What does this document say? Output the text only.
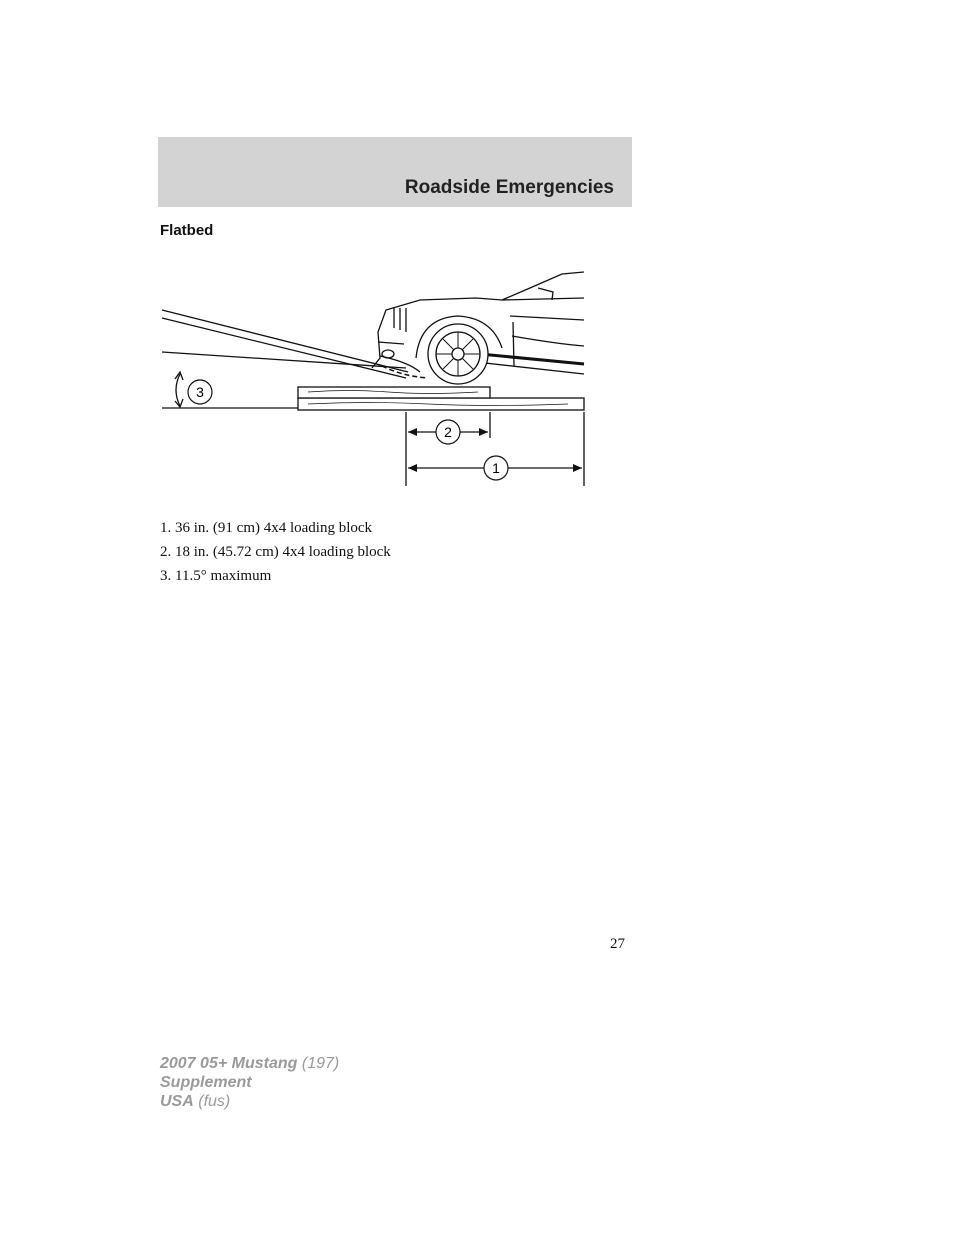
Roadside Emergencies
Flatbed
3
2
1
1. 36 in. (91 cm) 4x4 loading block
2. 18 in. (45.72 cm) 4x4 loading block
3. 11.5° maximum
27
2007 05+ Mustang (197)
Supplement
USA (fus)
